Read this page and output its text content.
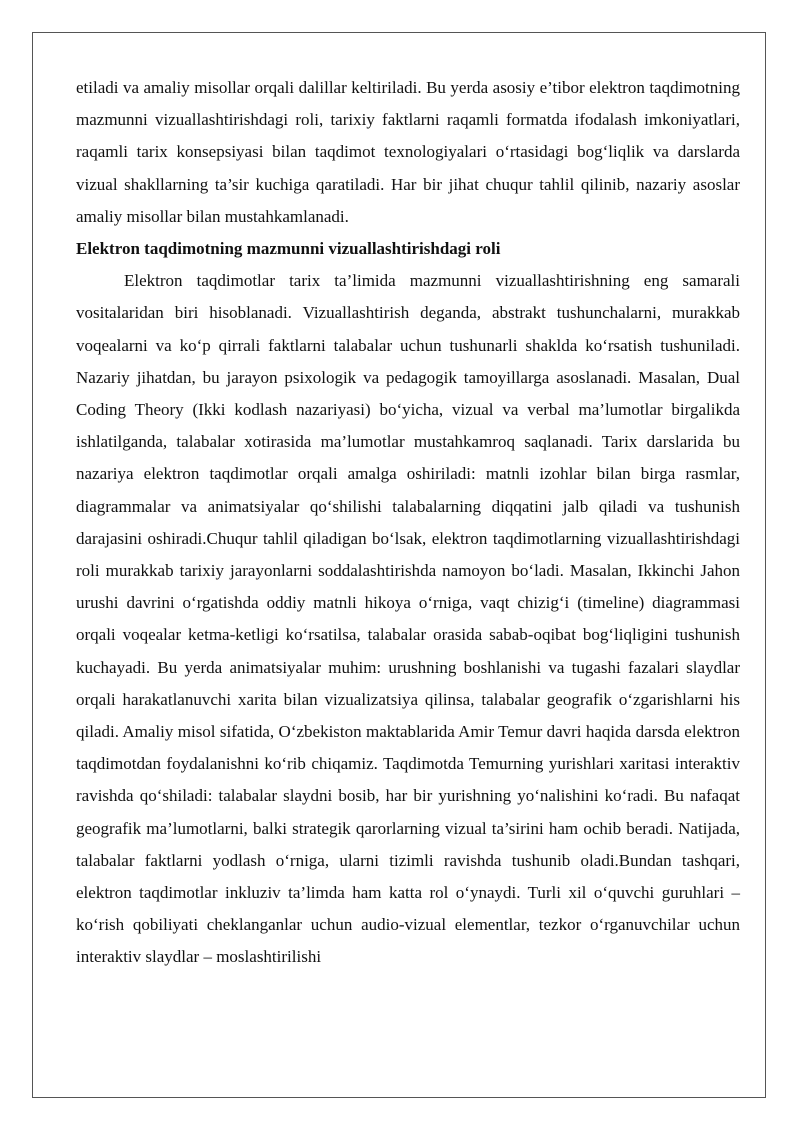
etiladi va amaliy misollar orqali dalillar keltiriladi. Bu yerda asosiy e’tibor elektron taqdimotning mazmunni vizuallashtirishdagi roli, tarixiy faktlarni raqamli formatda ifodalash imkoniyatlari, raqamli tarix konsepsiyasi bilan taqdimot texnologiyalari o‘rtasidagi bog‘liqlik va darslarda vizual shakllarning ta’sir kuchiga qaratiladi. Har bir jihat chuqur tahlil qilinib, nazariy asoslar amaliy misollar bilan mustahkamlanadi.

Elektron taqdimotning mazmunni vizuallashtirishdagi roli

Elektron taqdimotlar tarix ta’limida mazmunni vizuallashtirishning eng samarali vositalaridan biri hisoblanadi. Vizuallashtirish deganda, abstrakt tushunchalarni, murakkab voqealarni va ko‘p qirrali faktlarni talabalar uchun tushunarli shaklda ko‘rsatish tushuniladi. Nazariy jihatdan, bu jarayon psixologik va pedagogik tamoyillarga asoslanadi. Masalan, Dual Coding Theory (Ikki kodlash nazariyasi) bo‘yicha, vizual va verbal ma’lumotlar birgalikda ishlatilganda, talabalar xotirasida ma’lumotlar mustahkamroq saqlanadi. Tarix darslarida bu nazariya elektron taqdimotlar orqali amalga oshiriladi: matnli izohlar bilan birga rasmlar, diagrammalar va animatsiyalar qo‘shilishi talabalarning diqqatini jalb qiladi va tushunish darajasini oshiradi.Chuqur tahlil qiladigan bo‘lsak, elektron taqdimotlarning vizuallashtirishdagi roli murakkab tarixiy jarayonlarni soddalashtirishda namoyon bo‘ladi. Masalan, Ikkinchi Jahon urushi davrini o‘rgatishda oddiy matnli hikoya o‘rniga, vaqt chizig‘i (timeline) diagrammasi orqali voqealar ketma-ketligi ko‘rsatilsa, talabalar orasida sabab-oqibat bog‘liqligini tushunish kuchayadi. Bu yerda animatsiyalar muhim: urushning boshlanishi va tugashi fazalari slaydlar orqali harakatlanuvchi xarita bilan vizualizatsiya qilinsa, talabalar geografik o‘zgarishlarni his qiladi. Amaliy misol sifatida, O‘zbekiston maktablarida Amir Temur davri haqida darsda elektron taqdimotdan foydalanishni ko‘rib chiqamiz. Taqdimotda Temurning yurishlari xaritasi interaktiv ravishda qo‘shiladi: talabalar slaydni bosib, har bir yurishning yo‘nalishini ko‘radi. Bu nafaqat geografik ma’lumotlarni, balki strategik qarorlarning vizual ta’sirini ham ochib beradi. Natijada, talabalar faktlarni yodlash o‘rniga, ularni tizimli ravishda tushunib oladi.Bundan tashqari, elektron taqdimotlar inkluziv ta’limda ham katta rol o‘ynaydi. Turli xil o‘quvchi guruhlari – ko‘rish qobiliyati cheklanganlar uchun audio-vizual elementlar, tezkor o‘rganuvchilar uchun interaktiv slaydlar – moslashtirilishi
